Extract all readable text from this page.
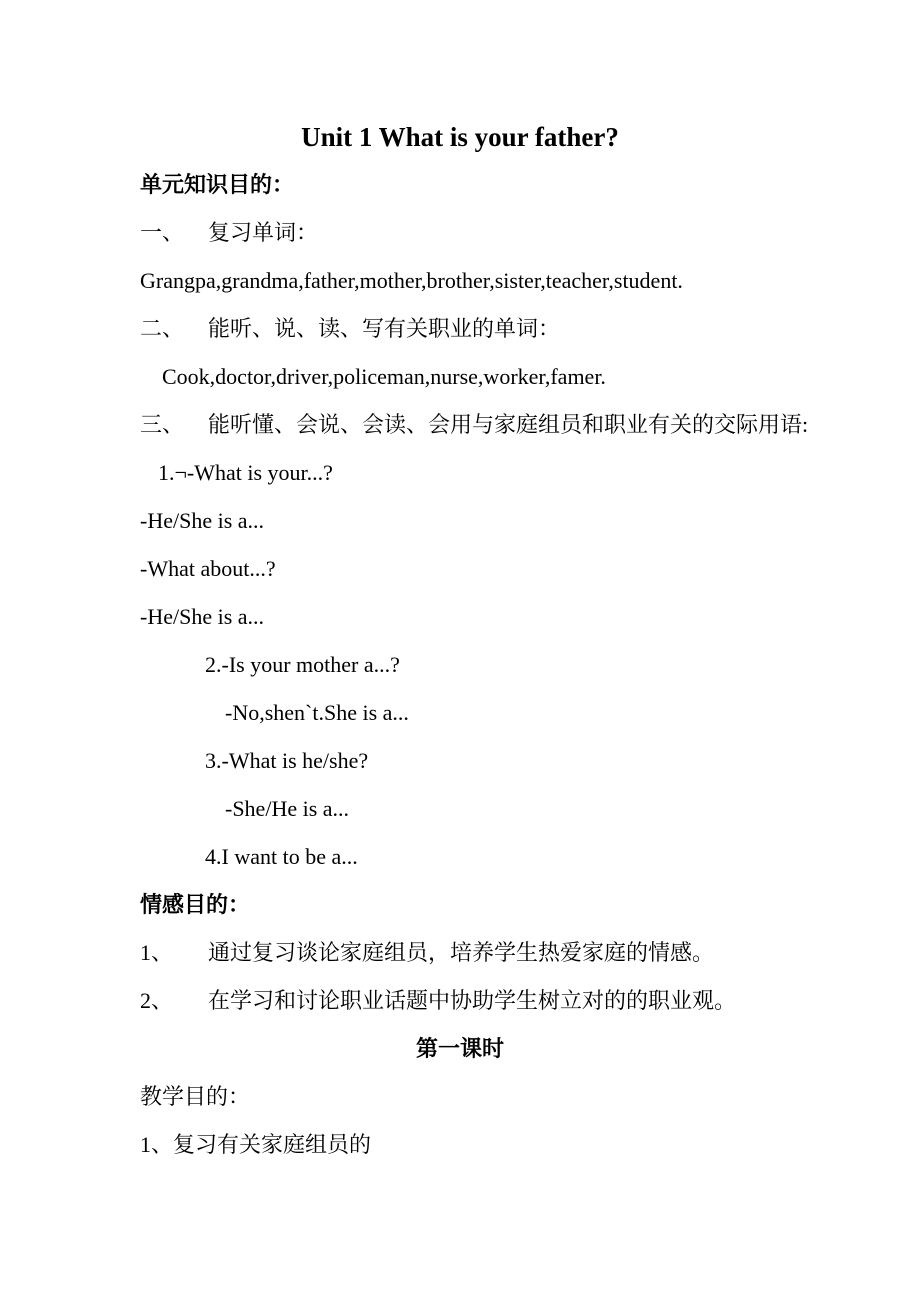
Unit 1 What is your father?
单元知识目的：
一、 复习单词：
Grangpa,grandma,father,mother,brother,sister,teacher,student.
二、 能听、说、读、写有关职业的单词：
Cook,doctor,driver,policeman,nurse,worker,famer.
三、 能听懂、会说、会读、会用与家庭组员和职业有关的交际用语:
1.¬-What is your...?
-He/She is a...
-What about...?
-He/She is a...
2.-Is your mother a...?
-No,shen`t.She is a...
3.-What is he/she?
-She/He is a...
4.I want to be a...
情感目的：
1、 通过复习谈论家庭组员，培养学生热爱家庭的情感。
2、 在学习和讨论职业话题中协助学生树立对的的职业观。
第一课时
教学目的：
1、复习有关家庭组员的
